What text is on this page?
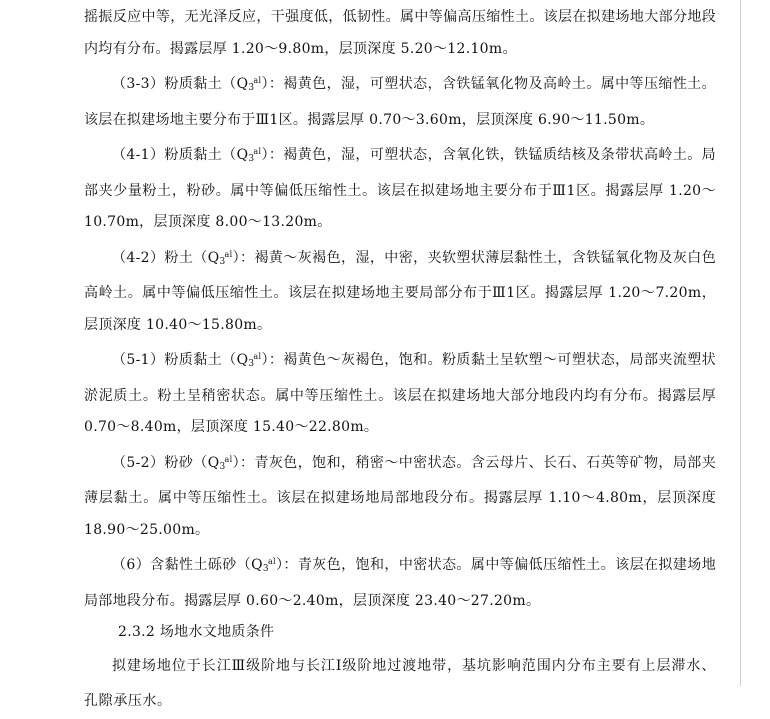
摇振反应中等，无光泽反应，干强度低，低韧性。属中等偏高压缩性土。该层在拟建场地大部分地段内均有分布。揭露层厚 1.20～9.80m，层顶深度 5.20～12.10m。

（3-3）粉质黏土$(Q_3^{al})$：褐黄色，湿，可塑状态，含铁锰氧化物及高岭土。属中等压缩性土。该层在拟建场地主要分布于Ⅲ1区。揭露层厚 0.70～3.60m，层顶深度 6.90～11.50m。

（4-1）粉质黏土$(Q_3^{al})$：褐黄色，湿，可塑状态，含氧化铁，铁锰质结核及条带状高岭土。局部夹少量粉土，粉砂。属中等偏低压缩性土。该层在拟建场地主要分布于Ⅲ1区。揭露层厚 1.20～10.70m，层顶深度 8.00～13.20m。

（4-2）粉土$(Q_3^{al})$：褐黄～灰褐色，湿，中密，夹软塑状薄层黏性土，含铁锰氧化物及灰白色高岭土。属中等偏低压缩性土。该层在拟建场地主要局部分布于Ⅲ1区。揭露层厚 1.20～7.20m，层顶深度 10.40～15.80m。

（5-1）粉质黏土$(Q_3^{al})$：褐黄色～灰褐色，饱和。粉质黏土呈软塑～可塑状态，局部夹流塑状淤泥质土。粉土呈稍密状态。属中等压缩性土。该层在拟建场地大部分地段内均有分布。揭露层厚 0.70～8.40m，层顶深度 15.40～22.80m。

（5-2）粉砂$(Q_3^{al})$：青灰色，饱和，稍密～中密状态。含云母片、长石、石英等矿物，局部夹薄层黏土。属中等压缩性土。该层在拟建场地局部地段分布。揭露层厚 1.10～4.80m，层顶深度 18.90～25.00m。

（6）含黏性土砾砂$(Q_3^{al})$：青灰色，饱和，中密状态。属中等偏低压缩性土。该层在拟建场地局部地段分布。揭露层厚 0.60～2.40m，层顶深度 23.40～27.20m。

2.3.2 场地水文地质条件

拟建场地位于长江Ⅲ级阶地与长江Ⅰ级阶地过渡地带，基坑影响范围内分布主要有上层滞水、孔隙承压水。
